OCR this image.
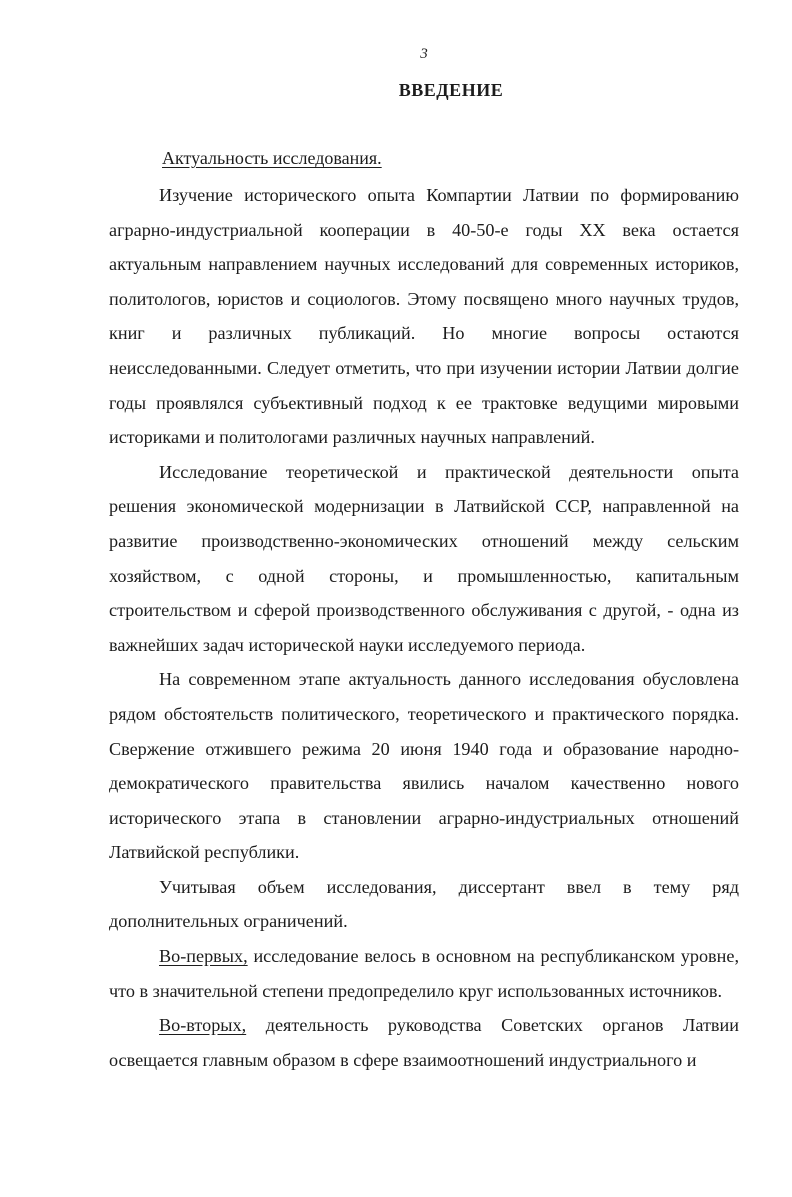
3
ВВЕДЕНИЕ
Актуальность исследования.

Изучение исторического опыта Компартии Латвии по формированию аграрно-индустриальной кооперации в 40-50-е годы XX века остается актуальным направлением научных исследований для современных историков, политологов, юристов и социологов. Этому посвящено много научных трудов, книг и различных публикаций. Но многие вопросы остаются неисследованными. Следует отметить, что при изучении истории Латвии долгие годы проявлялся субъективный подход к ее трактовке ведущими мировыми историками и политологами различных научных направлений.

Исследование теоретической и практической деятельности опыта решения экономической модернизации в Латвийской ССР, направленной на развитие производственно-экономических отношений между сельским хозяйством, с одной стороны, и промышленностью, капитальным строительством и сферой производственного обслуживания с другой, - одна из важнейших задач исторической науки исследуемого периода.

На современном этапе актуальность данного исследования обусловлена рядом обстоятельств политического, теоретического и практического порядка. Свержение отжившего режима 20 июня 1940 года и образование народно-демократического правительства явились началом качественно нового исторического этапа в становлении аграрно-индустриальных отношений Латвийской республики.

Учитывая объем исследования, диссертант ввел в тему ряд дополнительных ограничений.

Во-первых, исследование велось в основном на республиканском уровне, что в значительной степени предопределило круг использованных источников.

Во-вторых, деятельность руководства Советских органов Латвии освещается главным образом в сфере взаимоотношений индустриального и
